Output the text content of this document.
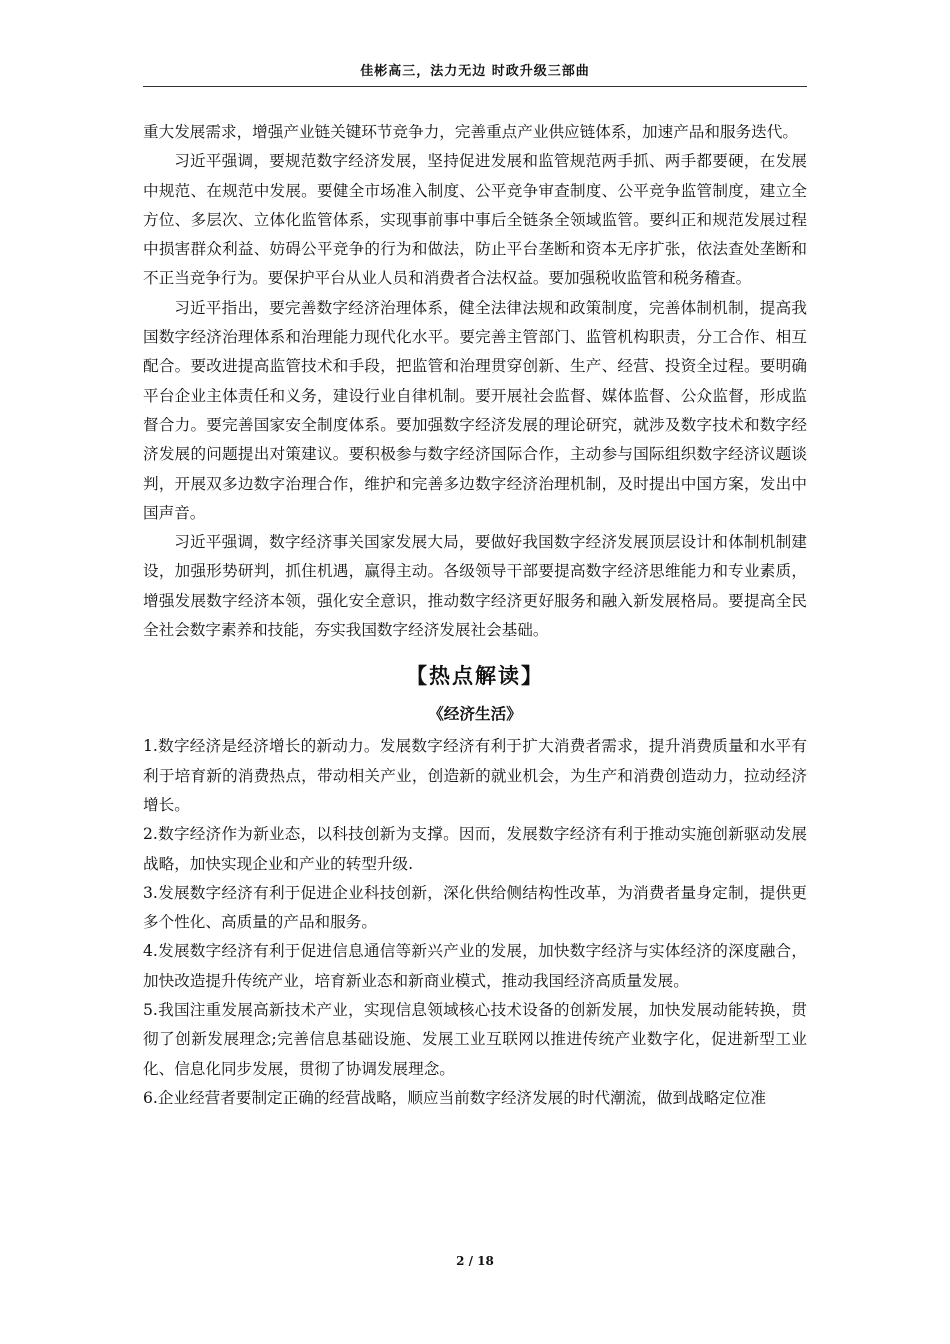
佳彬高三，法力无边 时政升级三部曲

重大发展需求，增强产业链关键环节竞争力，完善重点产业供应链体系，加速产品和服务迭代。

习近平强调，要规范数字经济发展，坚持促进发展和监管规范两手抓、两手都要硬，在发展中规范、在规范中发展。要健全市场准入制度、公平竞争审查制度、公平竞争监管制度，建立全方位、多层次、立体化监管体系，实现事前事中事后全链条全领域监管。要纠正和规范发展过程中损害群众利益、妨碍公平竞争的行为和做法，防止平台垄断和资本无序扩张，依法查处垄断和不正当竞争行为。要保护平台从业人员和消费者合法权益。要加强税收监管和税务稽查。

习近平指出，要完善数字经济治理体系，健全法律法规和政策制度，完善体制机制，提高我国数字经济治理体系和治理能力现代化水平。要完善主管部门、监管机构职责，分工合作、相互配合。要改进提高监管技术和手段，把监管和治理贯穿创新、生产、经营、投资全过程。要明确平台企业主体责任和义务，建设行业自律机制。要开展社会监督、媒体监督、公众监督，形成监督合力。要完善国家安全制度体系。要加强数字经济发展的理论研究，就涉及数字技术和数字经济发展的问题提出对策建议。要积极参与数字经济国际合作，主动参与国际组织数字经济议题谈判，开展双多边数字治理合作，维护和完善多边数字经济治理机制，及时提出中国方案，发出中国声音。

习近平强调，数字经济事关国家发展大局，要做好我国数字经济发展顶层设计和体制机制建设，加强形势研判，抓住机遇，赢得主动。各级领导干部要提高数字经济思维能力和专业素质，增强发展数字经济本领，强化安全意识，推动数字经济更好服务和融入新发展格局。要提高全民全社会数字素养和技能，夯实我国数字经济发展社会基础。

【热点解读】
《经济生活》

1.数字经济是经济增长的新动力。发展数字经济有利于扩大消费者需求，提升消费质量和水平有利于培育新的消费热点，带动相关产业，创造新的就业机会，为生产和消费创造动力，拉动经济增长。

2.数字经济作为新业态，以科技创新为支撑。因而，发展数字经济有利于推动实施创新驱动发展战略，加快实现企业和产业的转型升级.

3.发展数字经济有利于促进企业科技创新，深化供给侧结构性改革，为消费者量身定制，提供更多个性化、高质量的产品和服务。

4.发展数字经济有利于促进信息通信等新兴产业的发展，加快数字经济与实体经济的深度融合，加快改造提升传统产业，培育新业态和新商业模式，推动我国经济高质量发展。

5.我国注重发展高新技术产业，实现信息领域核心技术设备的创新发展，加快发展动能转换，贯彻了创新发展理念;完善信息基础设施、发展工业互联网以推进传统产业数字化，促进新型工业化、信息化同步发展，贯彻了协调发展理念。

6.企业经营者要制定正确的经营战略，顺应当前数字经济发展的时代潮流，做到战略定位准

2 / 18
